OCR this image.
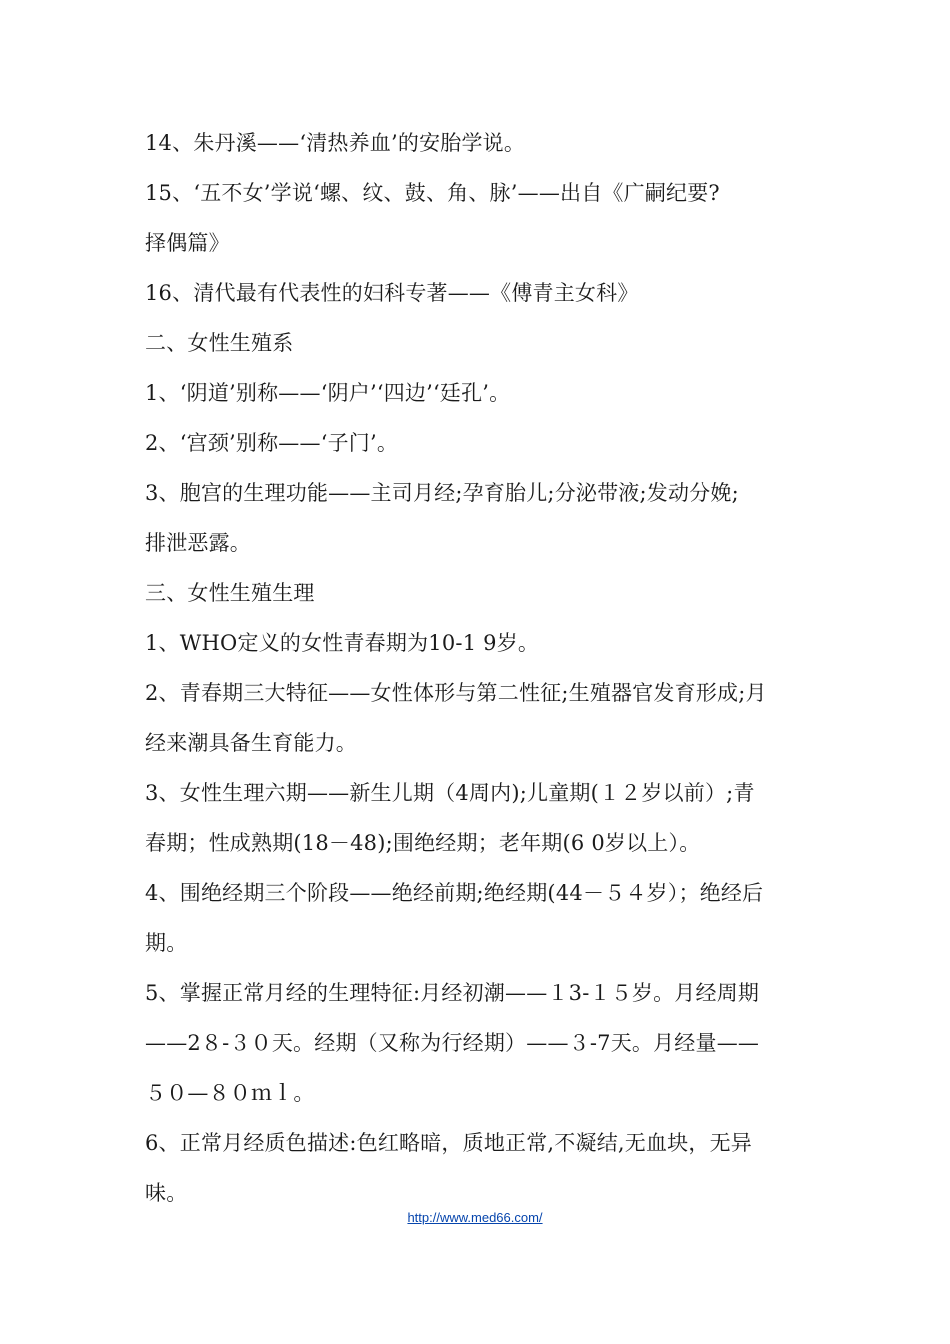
14、朱丹溪——‘清热养血’的安胎学说。

15、‘五不女’学说‘螺、纹、鼓、角、脉’——出自《广嗣纪要?

择偶篇》

16、清代最有代表性的妇科专著——《傅青主女科》

二、女性生殖系

1、‘阴道’别称——‘阴户’‘四边’‘廷孔’。

2、‘宫颈’别称——‘子门’。

3、胞宫的生理功能——主司月经;孕育胎儿;分泌带液;发动分娩;

排泄恶露。

三、女性生殖生理

1、WHO定义的女性青春期为10-1 9岁。

2、青春期三大特征——女性体形与第二性征;生殖器官发育形成;月

经来潮具备生育能力。

3、女性生理六期——新生儿期（4周内);儿童期(１２岁以前）;青

春期；性成熟期(18－48);围绝经期；老年期(6 0岁以上）。

4、围绝经期三个阶段——绝经前期;绝经期(44－５４岁）；绝经后

期。

5、掌握正常月经的生理特征:月经初潮——１3-１５岁。月经周期

——2８-３０天。经期（又称为行经期）——３-7天。月经量——

５０—８０ｍｌ。

6、正常月经质色描述:色红略暗，质地正常,不凝结,无血块，无异

味。

http://www.med66.com/
